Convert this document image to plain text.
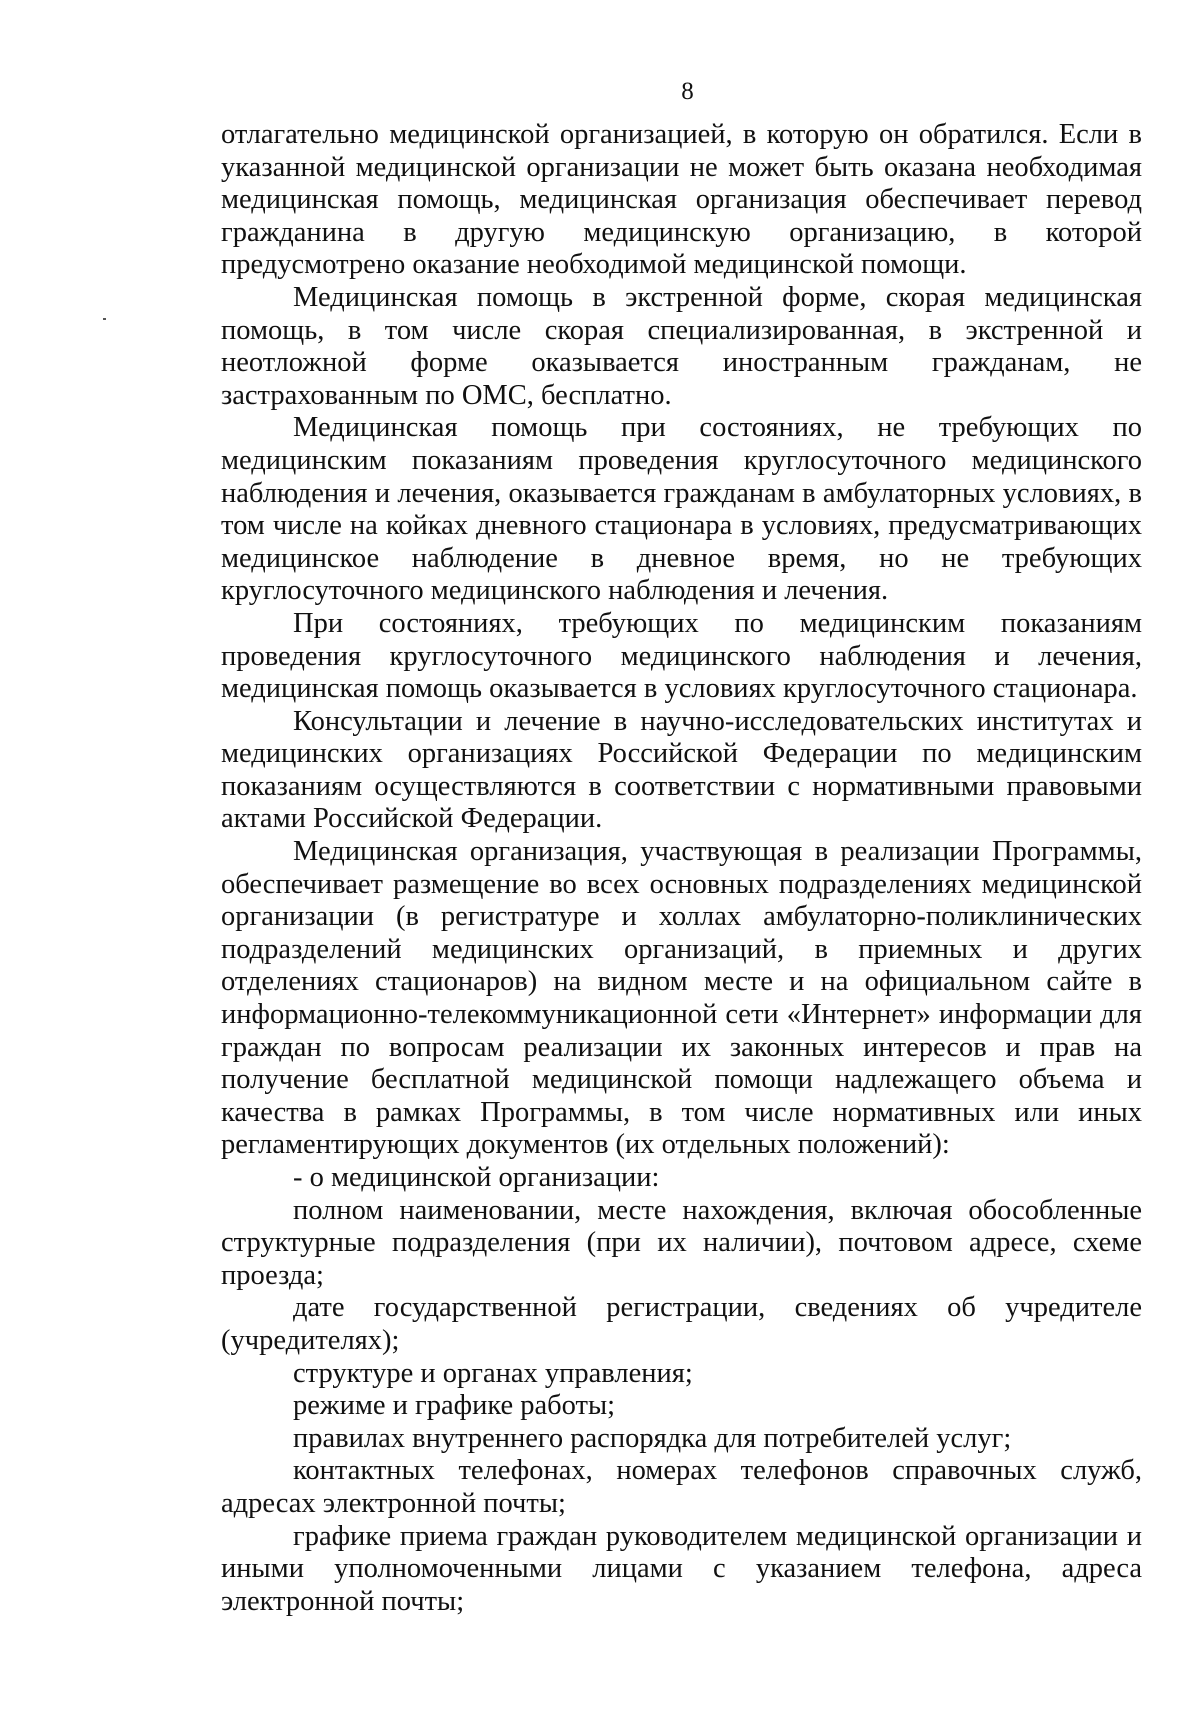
8

отлагательно медицинской организацией, в которую он обратился. Если в указанной медицинской организации не может быть оказана необходимая медицинская помощь, медицинская организация обеспечивает перевод гражданина в другую медицинскую организацию, в которой предусмотрено оказание необходимой медицинской помощи.

Медицинская помощь в экстренной форме, скорая медицинская помощь, в том числе скорая специализированная, в экстренной и неотложной форме оказывается иностранным гражданам, не застрахованным по ОМС, бесплатно.

Медицинская помощь при состояниях, не требующих по медицинским показаниям проведения круглосуточного медицинского наблюдения и лечения, оказывается гражданам в амбулаторных условиях, в том числе на койках дневного стационара в условиях, предусматривающих медицинское наблюдение в дневное время, но не требующих круглосуточного медицинского наблюдения и лечения.

При состояниях, требующих по медицинским показаниям проведения круглосуточного медицинского наблюдения и лечения, медицинская помощь оказывается в условиях круглосуточного стационара.

Консультации и лечение в научно-исследовательских институтах и медицинских организациях Российской Федерации по медицинским показаниям осуществляются в соответствии с нормативными правовыми актами Российской Федерации.

Медицинская организация, участвующая в реализации Программы, обеспечивает размещение во всех основных подразделениях медицинской организации (в регистратуре и холлах амбулаторно-поликлинических подразделений медицинских организаций, в приемных и других отделениях стационаров) на видном месте и на официальном сайте в информационно-телекоммуникационной сети «Интернет» информации для граждан по вопросам реализации их законных интересов и прав на получение бесплатной медицинской помощи надлежащего объема и качества в рамках Программы, в том числе нормативных или иных регламентирующих документов (их отдельных положений):

- о медицинской организации:

полном наименовании, месте нахождения, включая обособленные структурные подразделения (при их наличии), почтовом адресе, схеме проезда;

дате государственной регистрации, сведениях об учредителе (учредителях);

структуре и органах управления;

режиме и графике работы;

правилах внутреннего распорядка для потребителей услуг;

контактных телефонах, номерах телефонов справочных служб, адресах электронной почты;

графике приема граждан руководителем медицинской организации и иными уполномоченными лицами с указанием телефона, адреса электронной почты;
